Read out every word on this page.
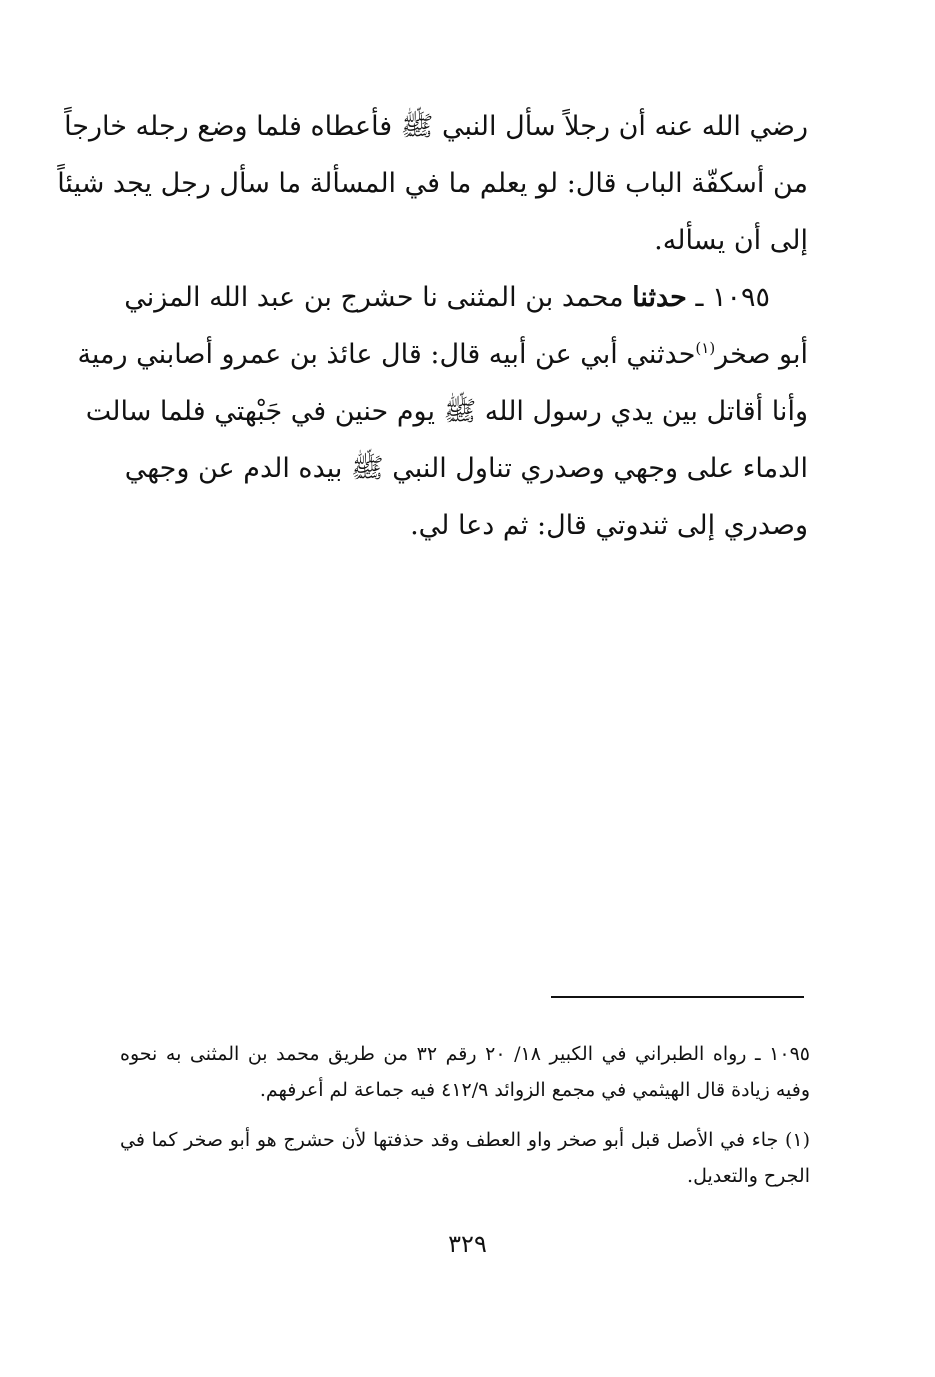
رضي الله عنه أن رجلاً سأل النبي ﷺ فأعطاه فلما وضع رجله خارجاً
من أسكفّة الباب قال: لو يعلم ما في المسألة ما سأل رجل يجد شيئاً
إلى أن يسأله.

١٠٩٥ ـ حدثنا محمد بن المثنى نا حشرج بن عبد الله المزني
أبو صخر$^{(١)}$حدثني أبي عن أبيه قال: قال عائذ بن عمرو أصابني رمية
وأنا أقاتل بين يدي رسول الله ﷺ يوم حنين في جَبْهتي فلما سالت
الدماء على وجهي وصدري تناول النبي ﷺ بيده الدم عن وجهي
وصدري إلى ثندوتي قال: ثم دعا لي.

١٠٩٥ ـ رواه الطبراني في الكبير ١٨/ ٢٠ رقم ٣٢ من طريق محمد بن المثنى به نحوه
وفيه زيادة قال الهيثمي في مجمع الزوائد ٤١٢/٩ فيه جماعة لم أعرفهم.

(١) جاء في الأصل قبل أبو صخر واو العطف وقد حذفتها لأن حشرج هو أبو صخر كما في
الجرح والتعديل.

٣٢٩
